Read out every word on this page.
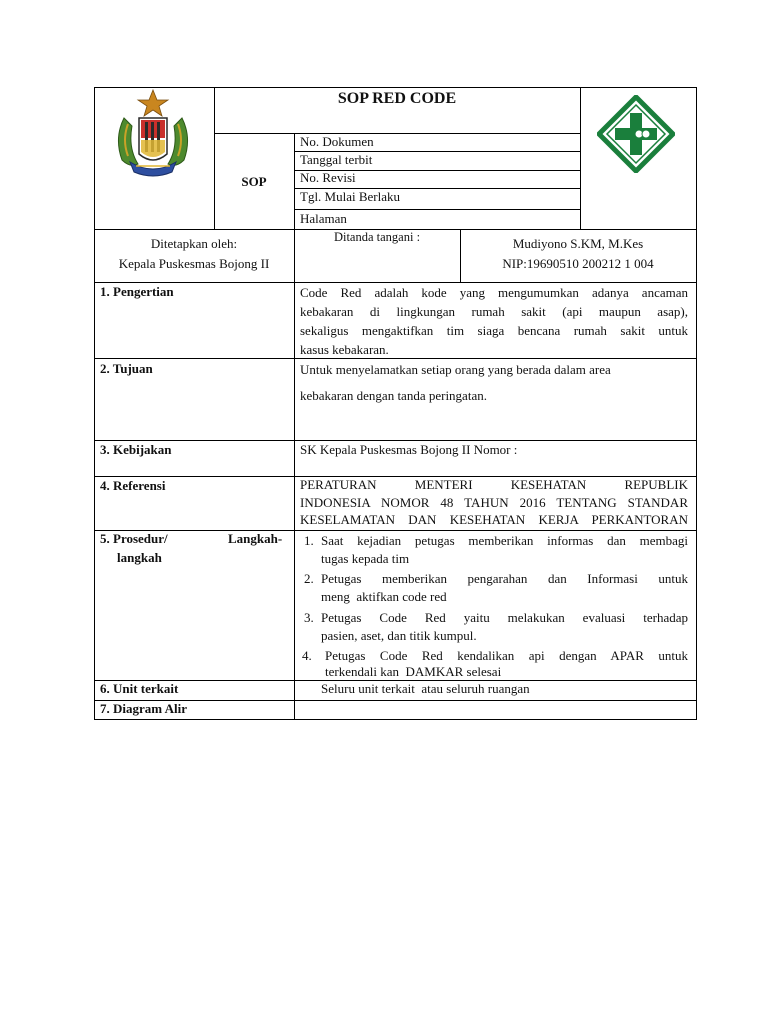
SOP RED CODE
SOP
No. Dokumen
Tanggal terbit
No. Revisi
Tgl. Mulai Berlaku
Halaman
Ditetapkan oleh:
Kepala Puskesmas Bojong II
Ditanda tangani :	Mudiyono S.KM, M.Kes
NIP:19690510 200212 1 004
1. Pengertian
2. Tujuan
3. Kebijakan
4. Referensi
5. Prosedur/	Langkah-
langkah
6. Unit terkait
7. Diagram Alir
Code Red adalah kode yang mengumumkan adanya ancaman
kebakaran di lingkungan rumah sakit (api maupun asap),
sekaligus mengaktifkan tim siaga bencana rumah sakit untuk
kasus kebakaran.
Untuk menyelamatkan setiap orang yang berada dalam area
kebakaran dengan tanda peringatan.
SK Kepala Puskesmas Bojong II Nomor :
PERATURAN MENTERI KESEHATAN REPUBLIK
INDONESIA NOMOR 48 TAHUN 2016 TENTANG STANDAR
KESELAMATAN DAN KESEHATAN KERJA PERKANTORAN
1. Saat kejadian petugas memberikan informas dan membagi
tugas kepada tim
2. Petugas memberikan pengarahan dan Informasi untuk
meng  aktifkan code red
3. Petugas Code Red yaitu melakukan evaluasi terhadap
pasien, aset, dan titik kumpul.
4. Petugas Code Red kendalikan api dengan APAR untuk
terkendali kan  DAMKAR selesai
Seluru unit terkait  atau seluruh ruangan
